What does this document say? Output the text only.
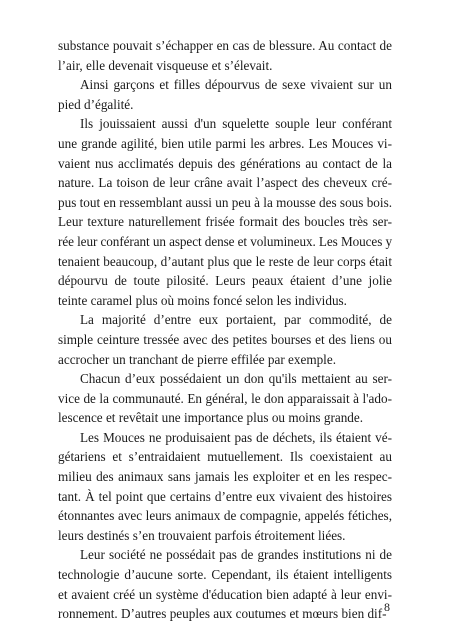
substance pouvait s’échapper en cas de blessure. Au contact de
l’air, elle devenait visqueuse et s’élevait.
Ainsi garçons et filles dépourvus de sexe vivaient sur un
pied d’égalité.
Ils jouissaient aussi d'un squelette souple leur conférant
une grande agilité, bien utile parmi les arbres. Les Mouces vi-
vaient nus acclimatés depuis des générations au contact de la
nature. La toison de leur crâne avait l’aspect des cheveux cré-
pus tout en ressemblant aussi un peu à la mousse des sous bois.
Leur texture naturellement frisée formait des boucles très ser-
rée leur conférant un aspect dense et volumineux. Les Mouces y
tenaient beaucoup, d’autant plus que le reste de leur corps était
dépourvu de toute pilosité. Leurs peaux étaient d’une jolie
teinte caramel plus où moins foncé selon les individus.
La majorité d’entre eux portaient, par commodité, de
simple ceinture tressée avec des petites bourses et des liens ou
accrocher un tranchant de pierre effilée par exemple.
Chacun d’eux possédaient un don qu'ils mettaient au ser-
vice de la communauté. En général, le don apparaissait à l'ado-
lescence et revêtait une importance plus ou moins grande.
Les Mouces ne produisaient pas de déchets, ils étaient vé-
gétariens et s’entraidaient mutuellement. Ils coexistaient au
milieu des animaux sans jamais les exploiter et en les respec-
tant. À tel point que certains d’entre eux vivaient des histoires
étonnantes avec leurs animaux de compagnie, appelés fétiches,
leurs destinés s’en trouvaient parfois étroitement liées.
Leur société ne possédait pas de grandes institutions ni de
technologie d’aucune sorte. Cependant, ils étaient intelligents
et avaient créé un système d'éducation bien adapté à leur envi-
ronnement. D’autres peuples aux coutumes et mœurs bien dif-
8
